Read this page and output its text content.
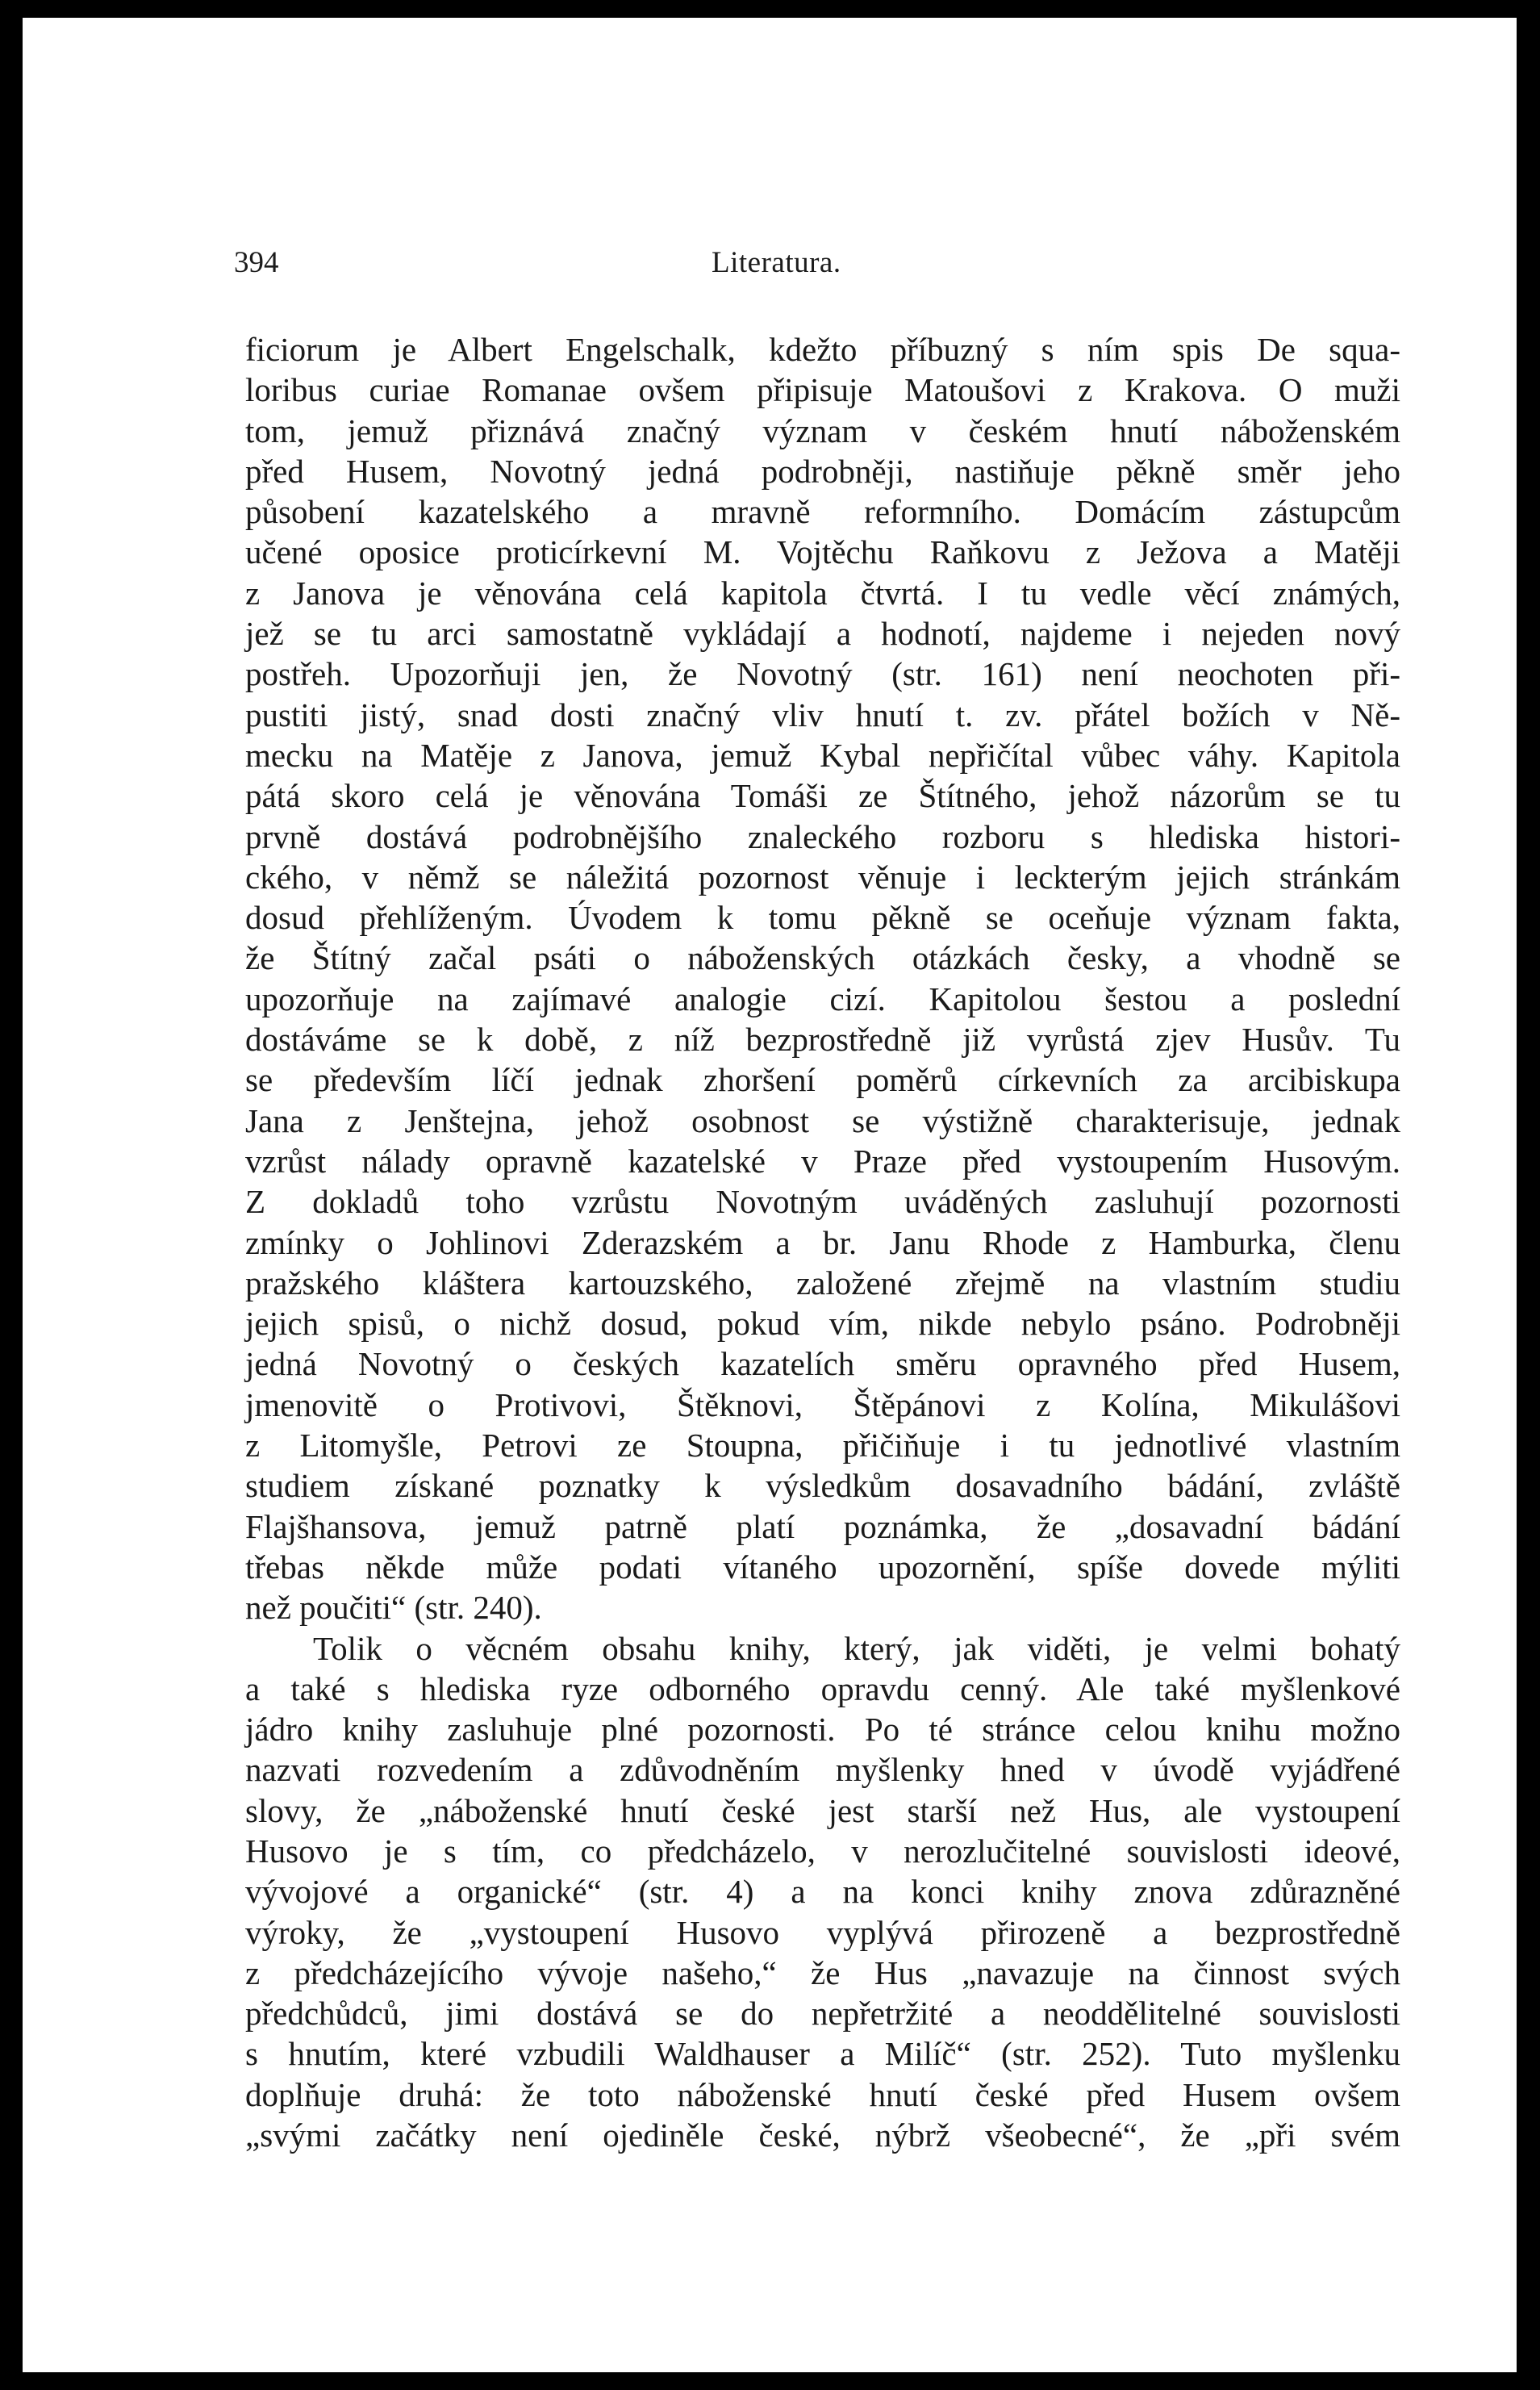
394	Literatura.
ficiorum je Albert Engelschalk, kdežto příbuzný s ním spis De squa-
loribus curiae Romanae ovšem připisuje Matoušovi z Krakova. O muži
tom, jemuž přiznává značný význam v českém hnutí náboženském
před Husem, Novotný jedná podrobněji, nastiňuje pěkně směr jeho
působení kazatelského a mravně reformního. Domácím zástupcům
učené oposice proticírkevní M. Vojtěchu Raňkovu z Ježova a Matěji
z Janova je věnována celá kapitola čtvrtá. I tu vedle věcí známých,
jež se tu arci samostatně vykládají a hodnotí, najdeme i nejeden nový
postřeh. Upozorňuji jen, že Novotný (str. 161) není neochoten při-
pustiti jistý, snad dosti značný vliv hnutí t. zv. přátel božích v Ně-
mecku na Matěje z Janova, jemuž Kybal nepřičítal vůbec váhy. Kapitola
pátá skoro celá je věnována Tomáši ze Štítného, jehož názorům se tu
prvně dostává podrobnějšího znaleckého rozboru s hlediska histori-
ckého, v němž se náležitá pozornost věnuje i leckterým jejich stránkám
dosud přehlíženým. Úvodem k tomu pěkně se oceňuje význam fakta,
že Štítný začal psáti o náboženských otázkách česky, a vhodně se
upozorňuje na zajímavé analogie cizí. Kapitolou šestou a poslední
dostáváme se k době, z níž bezprostředně již vyrůstá zjev Husův. Tu
se především líčí jednak zhoršení poměrů církevních za arcibiskupa
Jana z Jenštejna, jehož osobnost se výstižně charakterisuje, jednak
vzrůst nálady opravně kazatelské v Praze před vystoupením Husovým.
Z dokladů toho vzrůstu Novotným uváděných zasluhují pozornosti
zmínky o Johlinovi Zderazském a br. Janu Rhode z Hamburka, členu
pražského kláštera kartouzského, založené zřejmě na vlastním studiu
jejich spisů, o nichž dosud, pokud vím, nikde nebylo psáno. Podrobněji
jedná Novotný o českých kazatelích směru opravného před Husem,
jmenovitě o Protivovi, Štěknovi, Štěpánovi z Kolína, Mikulášovi
z Litomyšle, Petrovi ze Stoupna, přičiňuje i tu jednotlivé vlastním
studiem získané poznatky k výsledkům dosavadního bádání, zvláště
Flajšhansova, jemuž patrně platí poznámka, že „dosavadní bádání
třebas někde může podati vítaného upozornění, spíše dovede mýliti
než poučiti“ (str. 240).
Tolik o věcném obsahu knihy, který, jak viděti, je velmi bohatý
a také s hlediska ryze odborného opravdu cenný. Ale také myšlenkové
jádro knihy zasluhuje plné pozornosti. Po té stránce celou knihu možno
nazvati rozvedením a zdůvodněním myšlenky hned v úvodě vyjádřené
slovy, že „náboženské hnutí české jest starší než Hus, ale vystoupení
Husovo je s tím, co předcházelo, v nerozlučitelné souvislosti ideové,
vývojové a organické“ (str. 4) a na konci knihy znova zdůrazněné
výroky, že „vystoupení Husovo vyplývá přirozeně a bezprostředně
z předcházejícího vývoje našeho,“ že Hus „navazuje na činnost svých
předchůdců, jimi dostává se do nepřetržité a neoddělitelné souvislosti
s hnutím, které vzbudili Waldhauser a Milíč“ (str. 252). Tuto myšlenku
doplňuje druhá: že toto náboženské hnutí české před Husem ovšem
„svými začátky není ojediněle české, nýbrž všeobecné“, že „při svém
